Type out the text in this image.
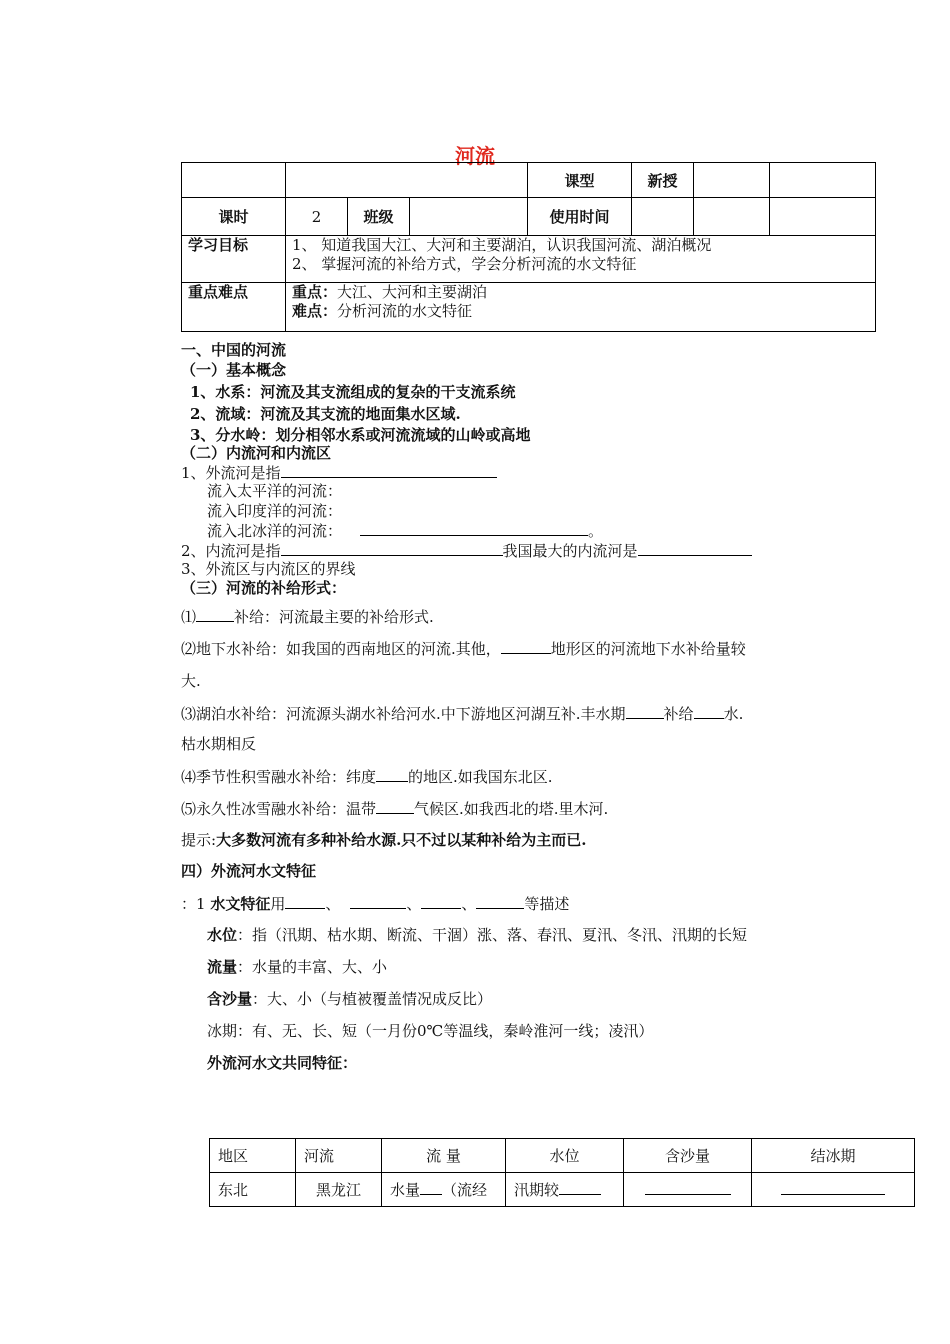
河流
				课型	新授		
课时	2	班级		使用时间			
学习目标	1、 知道我国大江、大河和主要湖泊，认识我国河流、湖泊概况
2、 掌握河流的补给方式，学会分析河流的水文特征						

重点难点	重点：大江、大河和主要湖泊
难点：分析河流的水文特征						
一、中国的河流
（一）基本概念
1、水系：河流及其支流组成的复杂的干支流系统
2、流域：河流及其支流的地面集水区域.
3、分水岭：划分相邻水系或河流流域的山岭或高地
（二）内流河和内流区
1、外流河是指
流入太平洋的河流：
流入印度洋的河流：
流入北冰洋的河流：	。
2、内流河是指	我国最大的内流河是
3、外流区与内流区的界线
（三）河流的补给形式：
⑴	补给：河流最主要的补给形式.
⑵地下水补给：如我国的西南地区的河流.其他，	地形区的河流地下水补给量较
大.
⑶湖泊水补给：河流源头湖水补给河水.中下游地区河湖互补.丰水期	补给 水.
枯水期相反
⑷季节性积雪融水补给：纬度 的地区.如我国东北区.
⑸永久性冰雪融水补给：温带	气候区.如我西北的塔.里木河.
提示:大多数河流有多种补给水源.只不过以某种补给为主而已.
四）外流河水文特征
：1 水文特征用	、	、	、	等描述
水位：指（汛期、枯水期、断流、干涸）涨、落、春汛、夏汛、冬汛、汛期的长短
流量：水量的丰富、大、小
含沙量：大、小（与植被覆盖情况成反比）
冰期：有、无、长、短（一月份0℃等温线，秦岭淮河一线；凌汛）
外流河水文共同特征：
地区	河流	流 量	水位	含沙量	结冰期
东北	黑龙江	水量 （流经	汛期较		
